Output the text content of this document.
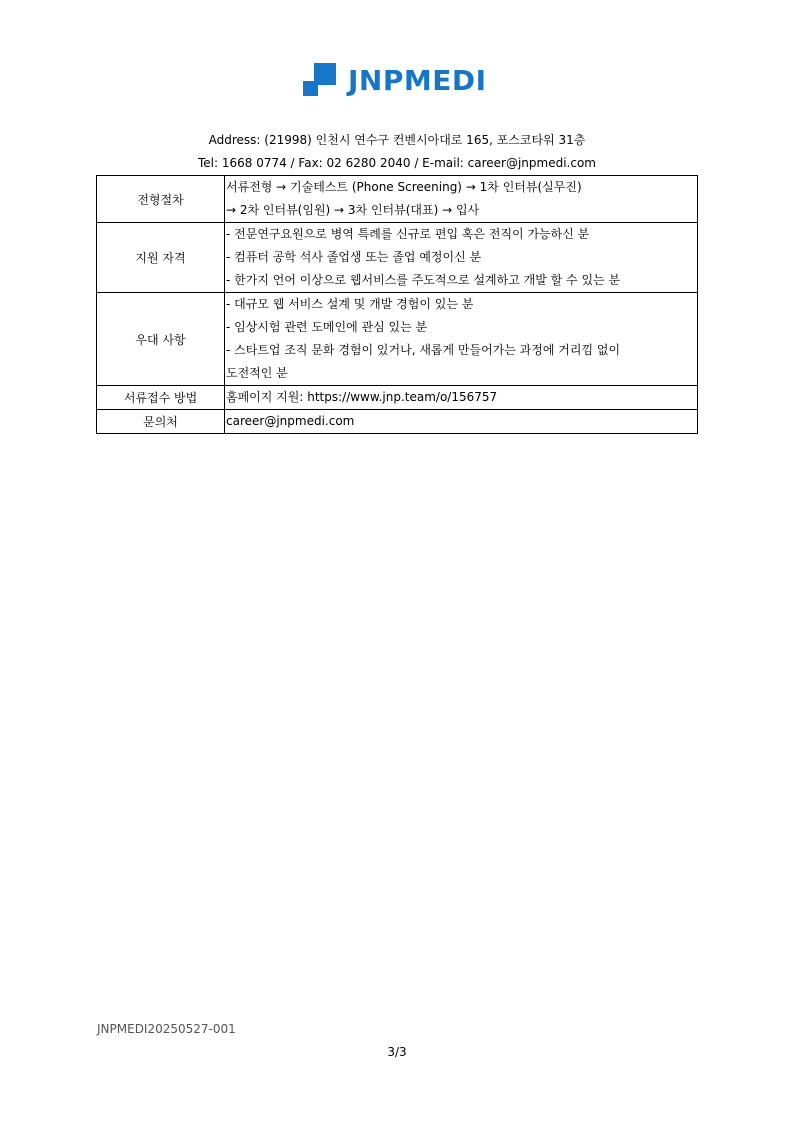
JNPMEDI
Address: (21998) 인천시 연수구 컨벤시아대로 165, 포스코타워 31층
Tel: 1668 0774 / Fax: 02 6280 2040 / E-mail: career@jnpmedi.com
전형절차	서류전형 → 기술테스트 (Phone Screening) → 1차 인터뷰(실무진)
→ 2차 인터뷰(임원) → 3차 인터뷰(대표) → 입사

지원 자격	- 전문연구요원으로 병역 특례를 신규로 편입 혹은 전직이 가능하신 분
- 컴퓨터 공학 석사 졸업생 또는 졸업 예정이신 분
- 한가지 언어 이상으로 웹서비스를 주도적으로 설계하고 개발 할 수 있는 분

우대 사항	- 대규모 웹 서비스 설계 및 개발 경험이 있는 분
- 임상시험 관련 도메인에 관심 있는 분
- 스타트업 조직 문화 경험이 있거나, 새롭게 만들어가는 과정에 거리낌 없이
도전적인 분

서류접수 방법	홈페이지 지원: https://www.jnp.team/o/156757

문의처	career@jnpmedi.com
JNPMEDI20250527-001
3/3
